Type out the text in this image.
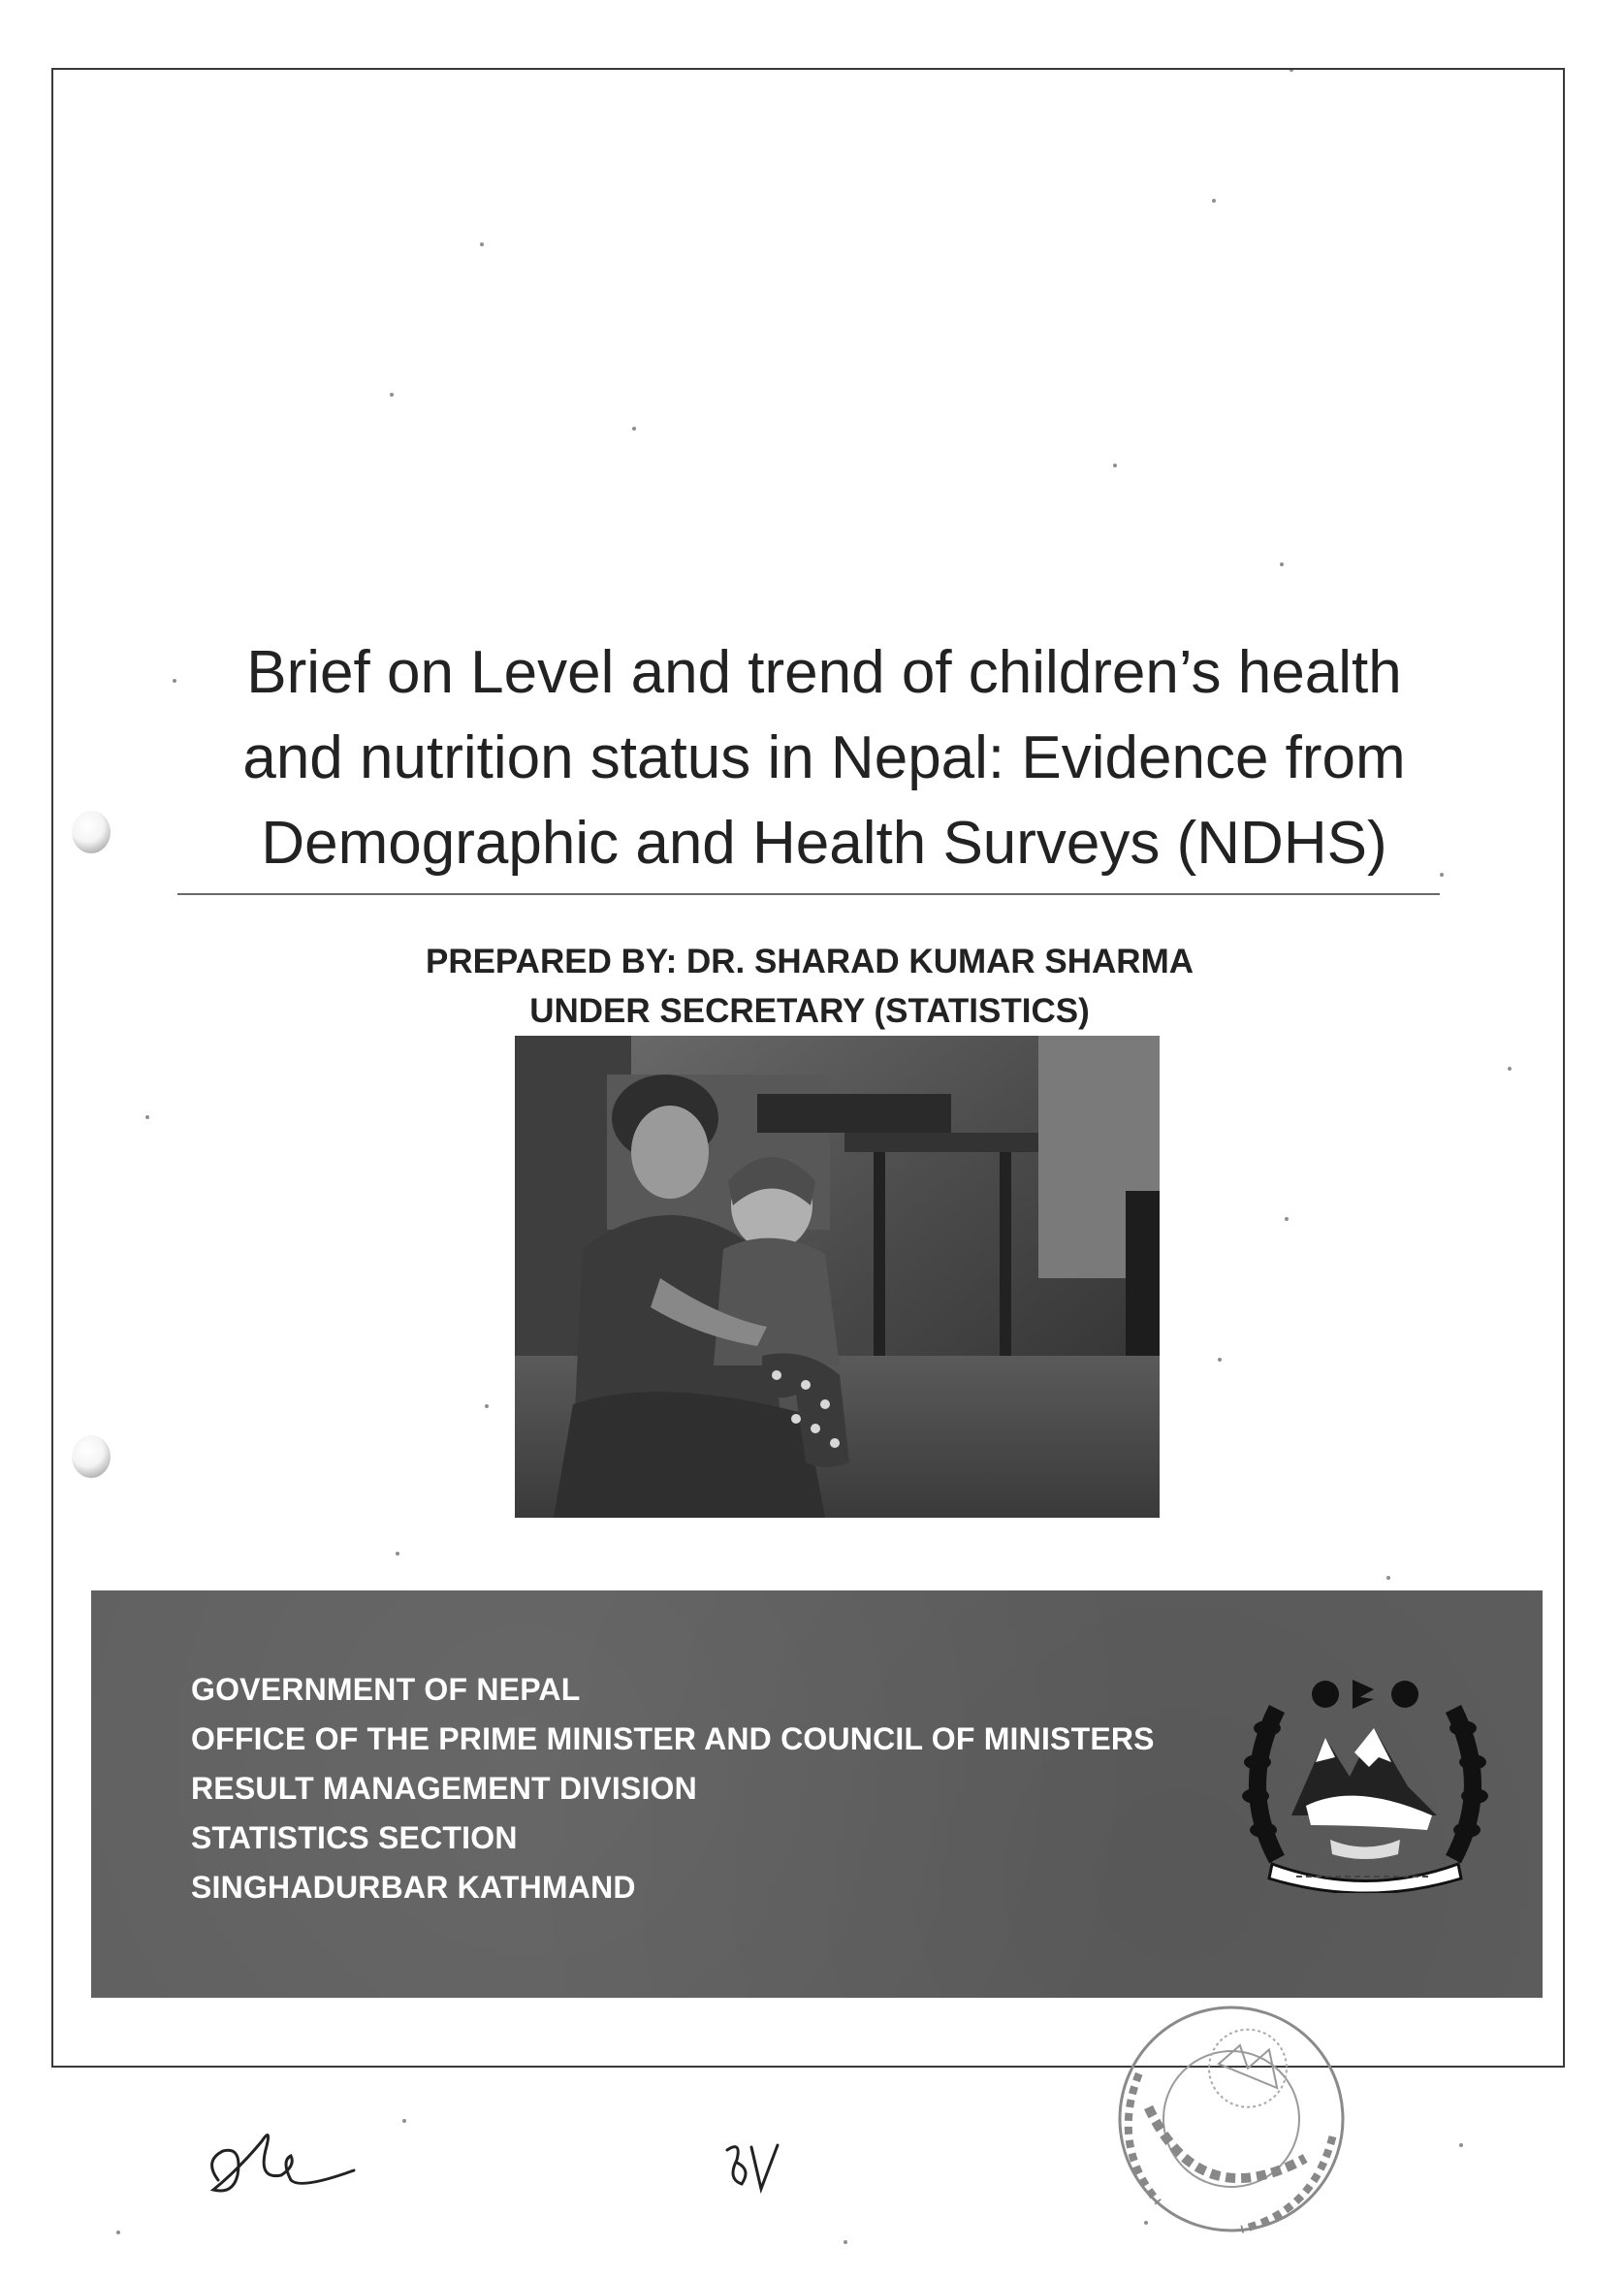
Brief on Level and trend of children’s health
and nutrition status in Nepal: Evidence from
Demographic and Health Surveys (NDHS)
PREPARED BY: DR. SHARAD KUMAR SHARMA
UNDER SECRETARY (STATISTICS)
GOVERNMENT OF NEPAL
OFFICE OF THE PRIME MINISTER AND COUNCIL OF MINISTERS
RESULT MANAGEMENT DIVISION
STATISTICS SECTION
SINGHADURBAR KATHMAND
